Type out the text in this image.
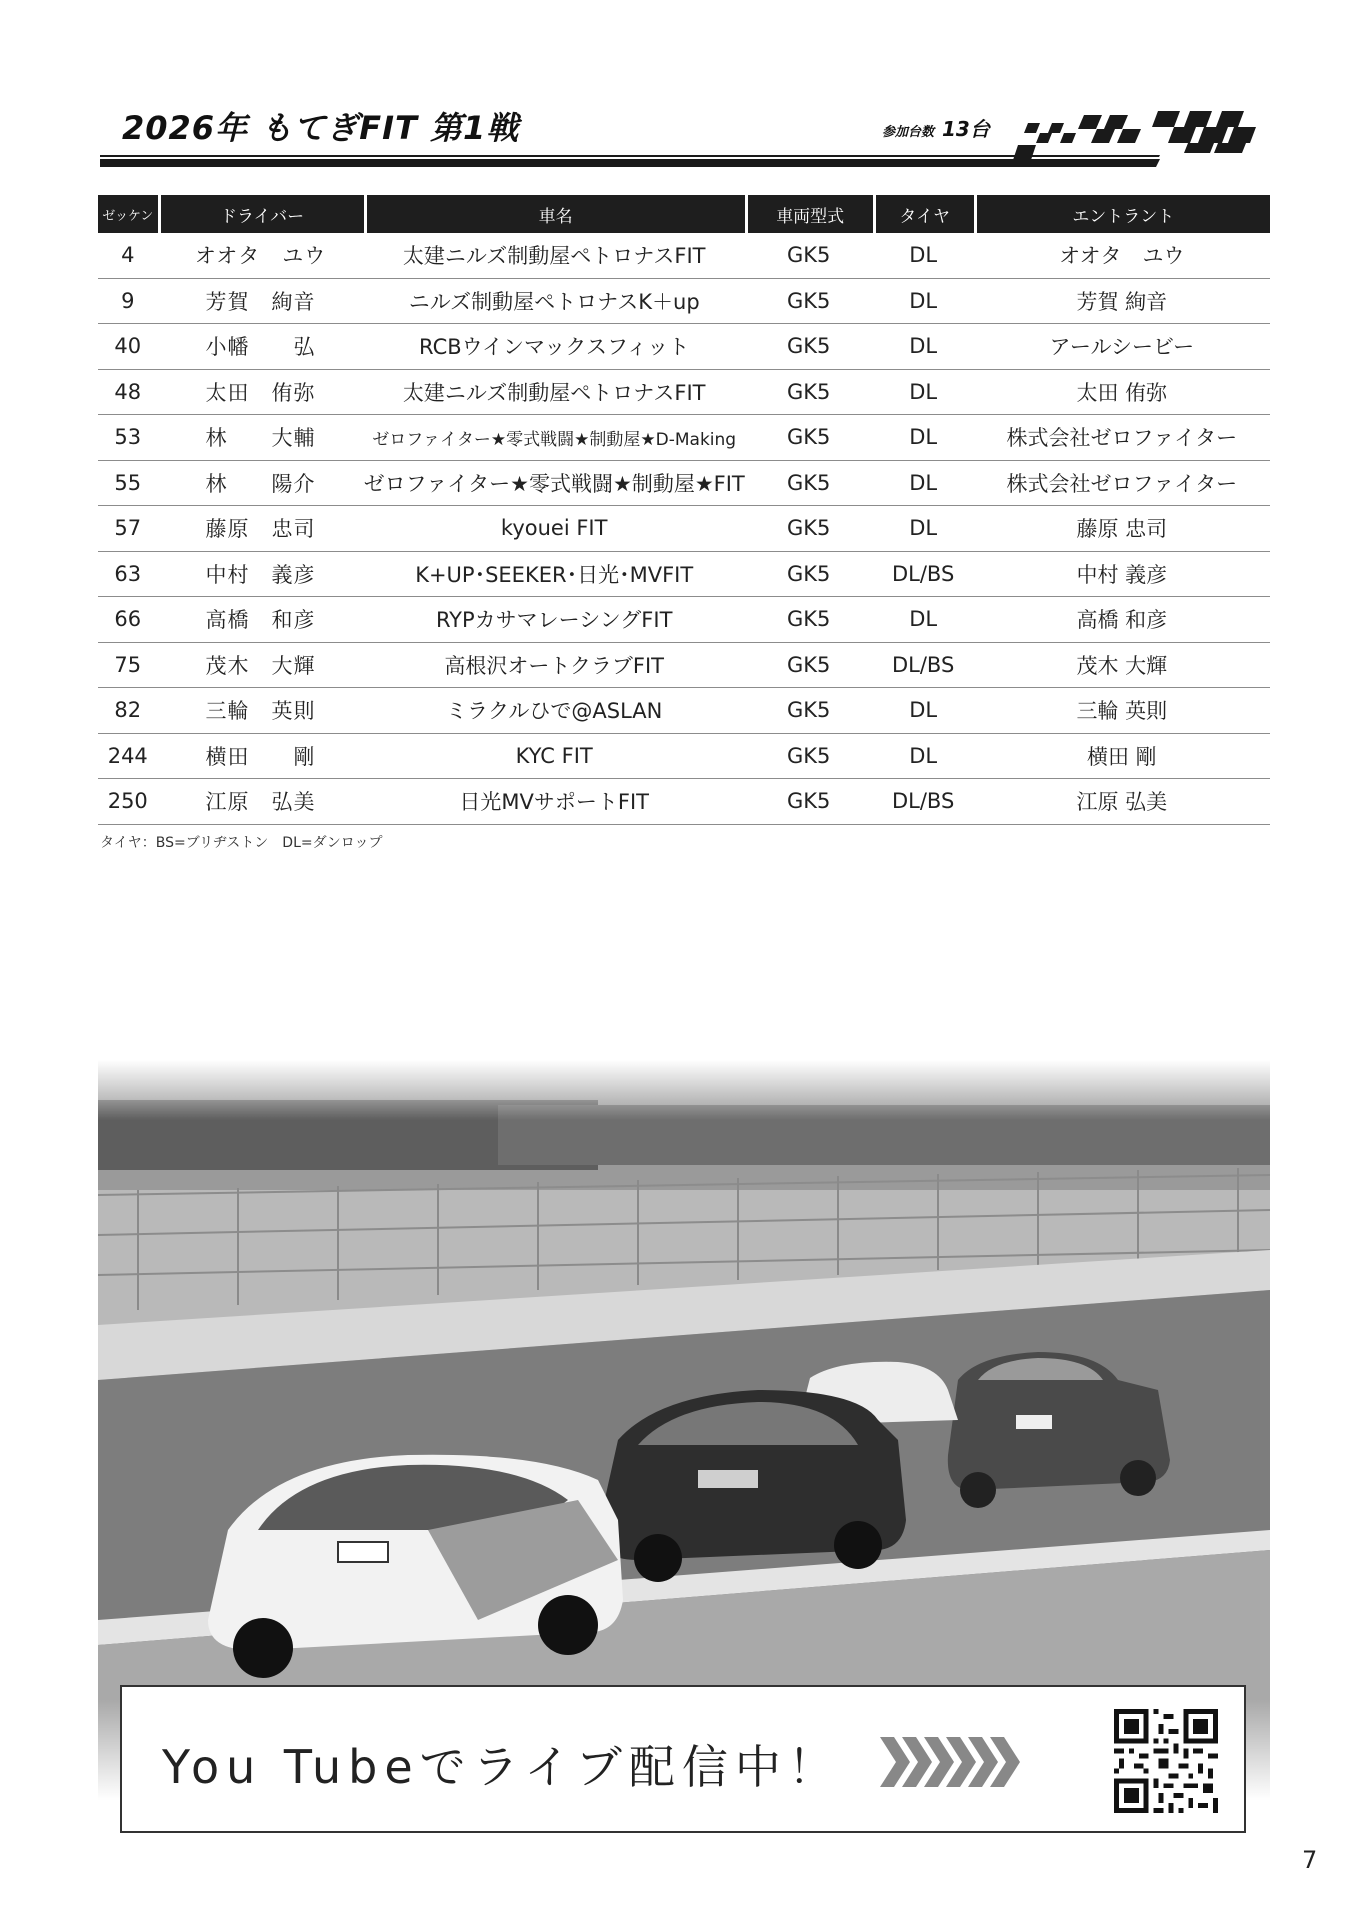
2026年 もてぎFIT 第1戦	参加台数 13台
ゼッケン	ドライバー	車名	車両型式	タイヤ	エントラント
4	オオタ　ユウ	太建ニルズ制動屋ペトロナスFIT	GK5	DL	オオタ　ユウ
9	芳賀　絢音	ニルズ制動屋ペトロナスK＋up	GK5	DL	芳賀 絢音
40	小幡　　弘	RCBウインマックスフィット	GK5	DL	アールシービー
48	太田　侑弥	太建ニルズ制動屋ペトロナスFIT	GK5	DL	太田 侑弥
53	林　　大輔	ゼロファイター★零式戦闘★制動屋★D-Making	GK5	DL	株式会社ゼロファイター
55	林　　陽介	ゼロファイター★零式戦闘★制動屋★FIT	GK5	DL	株式会社ゼロファイター
57	藤原　忠司	kyouei FIT	GK5	DL	藤原 忠司
63	中村　義彦	K+UP･SEEKER･日光･MVFIT	GK5	DL/BS	中村 義彦
66	高橋　和彦	RYPカサマレーシングFIT	GK5	DL	高橋 和彦
75	茂木　大輝	高根沢オートクラブFIT	GK5	DL/BS	茂木 大輝
82	三輪　英則	ミラクルひで@ASLAN	GK5	DL	三輪 英則
244	横田　　剛	KYC FIT	GK5	DL	横田 剛
250	江原　弘美	日光MVサポートFIT	GK5	DL/BS	江原 弘美
タイヤ：BS=ブリヂストン　DL=ダンロップ
You Tubeでライブ配信中！
7
